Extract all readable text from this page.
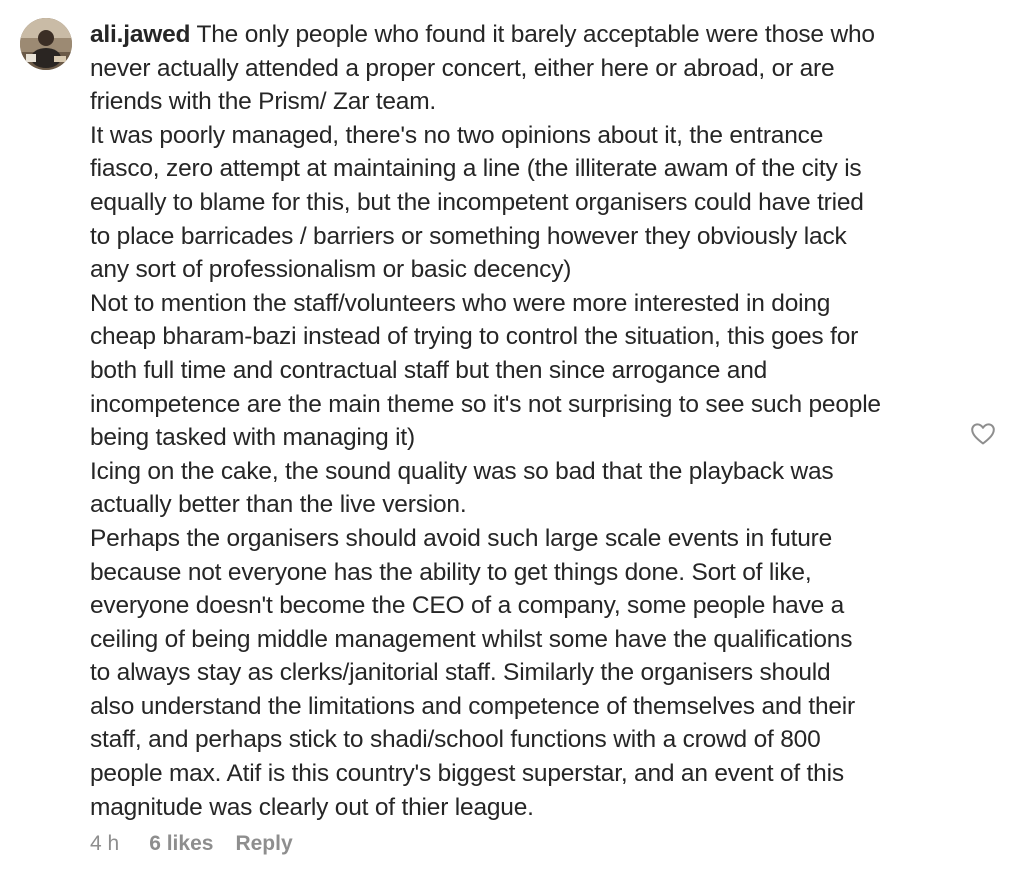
ali.jawed The only people who found it barely acceptable were those who
never actually attended a proper concert, either here or abroad, or are
friends with the Prism/ Zar team.
It was poorly managed, there's no two opinions about it, the entrance
fiasco, zero attempt at maintaining a line (the illiterate awam of the city is
equally to blame for this, but the incompetent organisers could have tried
to place barricades / barriers or something however they obviously lack
any sort of professionalism or basic decency)
Not to mention the staff/volunteers who were more interested in doing
cheap bharam-bazi instead of trying to control the situation, this goes for
both full time and contractual staff but then since arrogance and
incompetence are the main theme so it's not surprising to see such people
being tasked with managing it)
Icing on the cake, the sound quality was so bad that the playback was
actually better than the live version.
Perhaps the organisers should avoid such large scale events in future
because not everyone has the ability to get things done. Sort of like,
everyone doesn't become the CEO of a company, some people have a
ceiling of being middle management whilst some have the qualifications
to always stay as clerks/janitorial staff. Similarly the organisers should
also understand the limitations and competence of themselves and their
staff, and perhaps stick to shadi/school functions with a crowd of 800
people max. Atif is this country's biggest superstar, and an event of this
magnitude was clearly out of thier league.

4 h 6 likes Reply
